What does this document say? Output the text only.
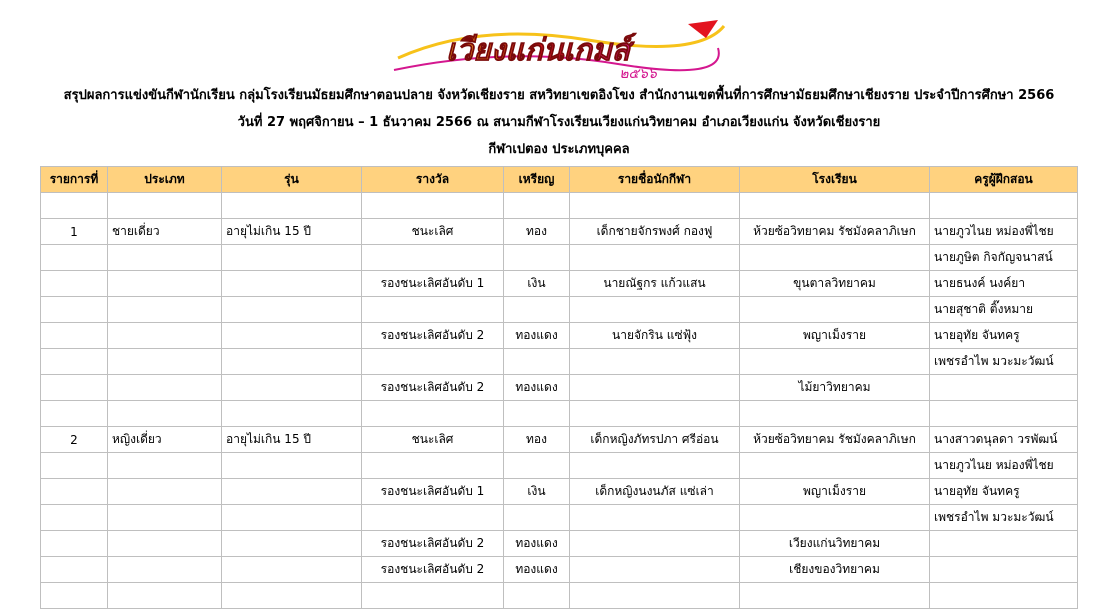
เวียงแก่นเกมส์
๒๕๖๖
สรุปผลการแข่งขันกีฬานักเรียน กลุ่มโรงเรียนมัธยมศึกษาตอนปลาย จังหวัดเชียงราย สหวิทยาเขตอิงโขง สำนักงานเขตพื้นที่การศึกษามัธยมศึกษาเชียงราย ประจำปีการศึกษา 2566
วันที่ 27 พฤศจิกายน – 1 ธันวาคม 2566 ณ สนามกีฬาโรงเรียนเวียงแก่นวิทยาคม อำเภอเวียงแก่น จังหวัดเชียงราย
กีฬาเปตอง ประเภทบุคคล
รายการที่	ประเภท	รุ่น	รางวัล	เหรียญ	รายชื่อนักกีฬา	โรงเรียน	ครูผู้ฝึกสอน

1	ชายเดี่ยว	อายุไม่เกิน 15 ปี	ชนะเลิศ	ทอง	เด็กชายจักรพงศ์ กองฟู	ห้วยซ้อวิทยาคม รัชมังคลาภิเษก	นายภูวไนย หม่องพี่ไชย
							นายภูษิต กิจกัญจนาสน์
			รองชนะเลิศอันดับ 1	เงิน	นายณัฐกร แก้วแสน	ขุนตาลวิทยาคม	นายธนงค์ นงค์ยา
							นายสุชาติ ติ๊งหมาย
			รองชนะเลิศอันดับ 2	ทองแดง	นายจักริน แซ่ฟุ้ง	พญาเม็งราย	นายอุทัย จันทครู
							เพชรอำไพ มวะมะวัฒน์
			รองชนะเลิศอันดับ 2	ทองแดง		ไม้ยาวิทยาคม	

2	หญิงเดี่ยว	อายุไม่เกิน 15 ปี	ชนะเลิศ	ทอง	เด็กหญิงภัทรปภา ศรีอ่อน	ห้วยซ้อวิทยาคม รัชมังคลาภิเษก	นางสาวดนุลดา วรพัฒน์
							นายภูวไนย หม่องพี่ไชย
			รองชนะเลิศอันดับ 1	เงิน	เด็กหญิงนงนภัส แซ่เล่า	พญาเม็งราย	นายอุทัย จันทครู
							เพชรอำไพ มวะมะวัฒน์
			รองชนะเลิศอันดับ 2	ทองแดง		เวียงแก่นวิทยาคม	
			รองชนะเลิศอันดับ 2	ทองแดง		เชียงของวิทยาคม	
